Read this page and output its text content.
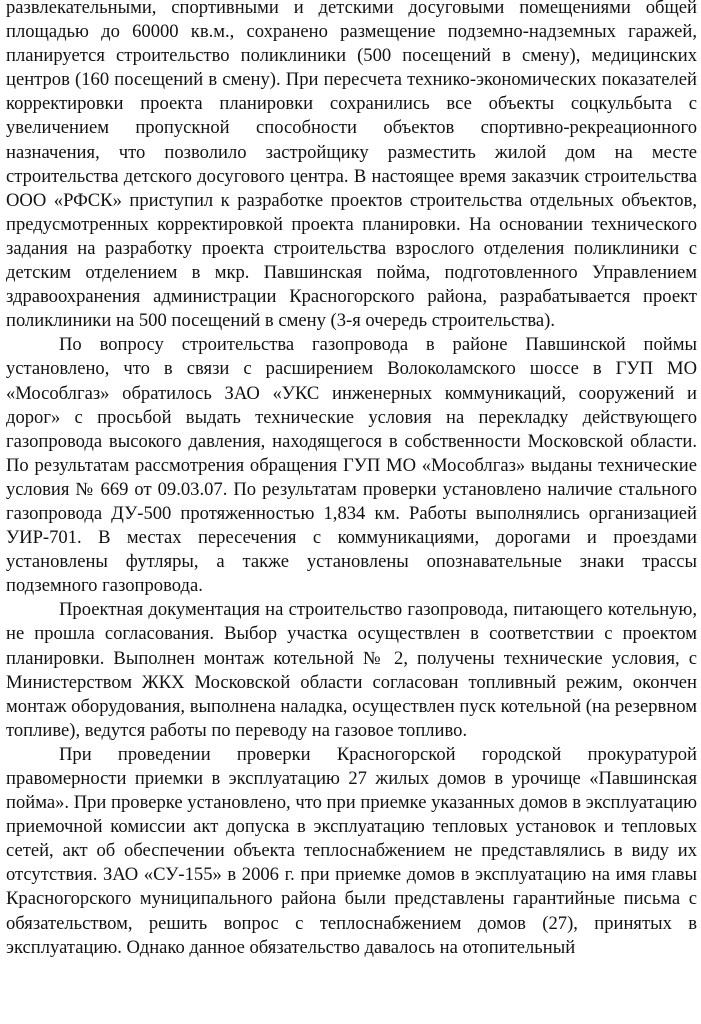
развлекательными, спортивными и детскими досуговыми помещениями общей площадью до 60000 кв.м., сохранено размещение подземно-надземных гаражей, планируется строительство поликлиники (500 посещений в смену), медицинских центров (160 посещений в смену). При пересчета технико-экономических показателей корректировки проекта планировки сохранились все объекты соцкульбыта с увеличением пропускной способности объектов спортивно-рекреационного назначения, что позволило застройщику разместить жилой дом на месте строительства детского досугового центра. В настоящее время заказчик строительства ООО «РФСК» приступил к разработке проектов строительства отдельных объектов, предусмотренных корректировкой проекта планировки. На основании технического задания на разработку проекта строительства взрослого отделения поликлиники с детским отделением в мкр. Павшинская пойма, подготовленного Управлением здравоохранения администрации Красногорского района, разрабатывается проект поликлиники на 500 посещений в смену (3-я очередь строительства).

По вопросу строительства газопровода в районе Павшинской поймы установлено, что в связи с расширением Волоколамского шоссе в ГУП МО «Мособлгаз» обратилось ЗАО «УКС инженерных коммуникаций, сооружений и дорог» с просьбой выдать технические условия на перекладку действующего газопровода высокого давления, находящегося в собственности Московской области. По результатам рассмотрения обращения ГУП МО «Мособлгаз» выданы технические условия № 669 от 09.03.07. По результатам проверки установлено наличие стального газопровода ДУ-500 протяженностью 1,834 км. Работы выполнялись организацией УИР-701. В местах пересечения с коммуникациями, дорогами и проездами установлены футляры, а также установлены опознавательные знаки трассы подземного газопровода.

Проектная документация на строительство газопровода, питающего котельную, не прошла согласования. Выбор участка осуществлен в соответствии с проектом планировки. Выполнен монтаж котельной № 2, получены технические условия, с Министерством ЖКХ Московской области согласован топливный режим, окончен монтаж оборудования, выполнена наладка, осуществлен пуск котельной (на резервном топливе), ведутся работы по переводу на газовое топливо.

При проведении проверки Красногорской городской прокуратурой правомерности приемки в эксплуатацию 27 жилых домов в урочище «Павшинская пойма». При проверке установлено, что при приемке указанных домов в эксплуатацию приемочной комиссии акт допуска в эксплуатацию тепловых установок и тепловых сетей, акт об обеспечении объекта теплоснабжением не представлялись в виду их отсутствия. ЗАО «СУ-155» в 2006 г. при приемке домов в эксплуатацию на имя главы Красногорского муниципального района были представлены гарантийные письма с обязательством, решить вопрос с теплоснабжением домов (27), принятых в эксплуатацию. Однако данное обязательство давалось на отопительный
